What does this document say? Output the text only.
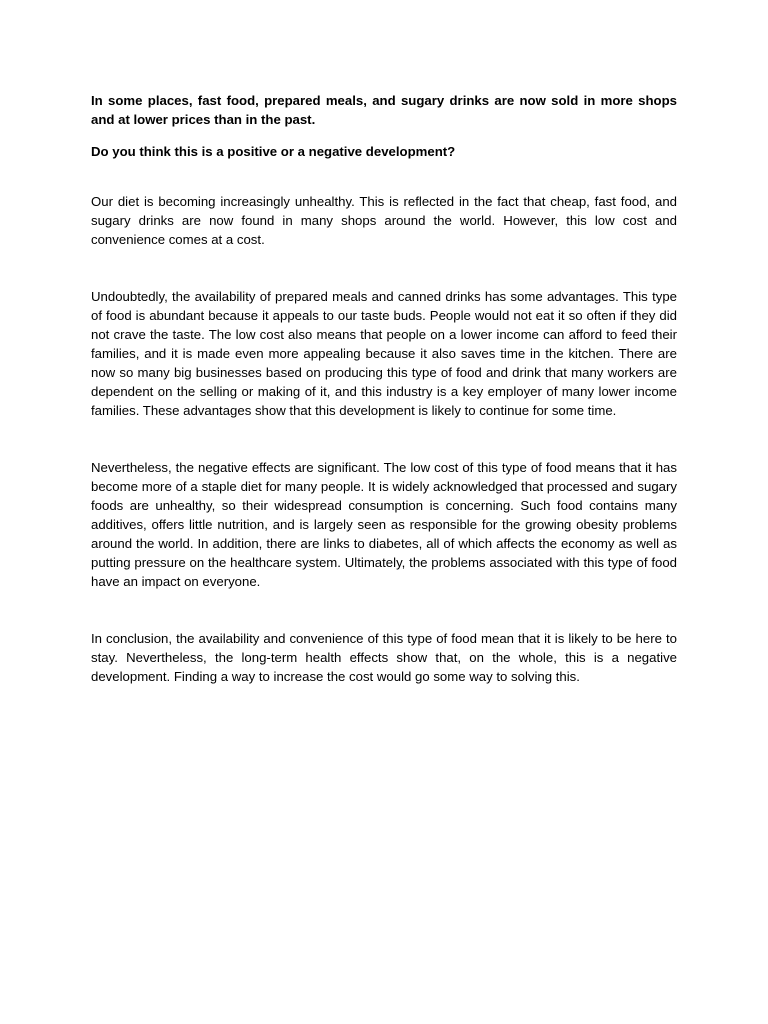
In some places, fast food, prepared meals, and sugary drinks are now sold in more shops and at lower prices than in the past.

Do you think this is a positive or a negative development?

Our diet is becoming increasingly unhealthy. This is reflected in the fact that cheap, fast food, and sugary drinks are now found in many shops around the world. However, this low cost and convenience comes at a cost.

Undoubtedly, the availability of prepared meals and canned drinks has some advantages. This type of food is abundant because it appeals to our taste buds. People would not eat it so often if they did not crave the taste. The low cost also means that people on a lower income can afford to feed their families, and it is made even more appealing because it also saves time in the kitchen. There are now so many big businesses based on producing this type of food and drink that many workers are dependent on the selling or making of it, and this industry is a key employer of many lower income families. These advantages show that this development is likely to continue for some time.

Nevertheless, the negative effects are significant. The low cost of this type of food means that it has become more of a staple diet for many people. It is widely acknowledged that processed and sugary foods are unhealthy, so their widespread consumption is concerning. Such food contains many additives, offers little nutrition, and is largely seen as responsible for the growing obesity problems around the world. In addition, there are links to diabetes, all of which affects the economy as well as putting pressure on the healthcare system. Ultimately, the problems associated with this type of food have an impact on everyone.

In conclusion, the availability and convenience of this type of food mean that it is likely to be here to stay. Nevertheless, the long-term health effects show that, on the whole, this is a negative development. Finding a way to increase the cost would go some way to solving this.
